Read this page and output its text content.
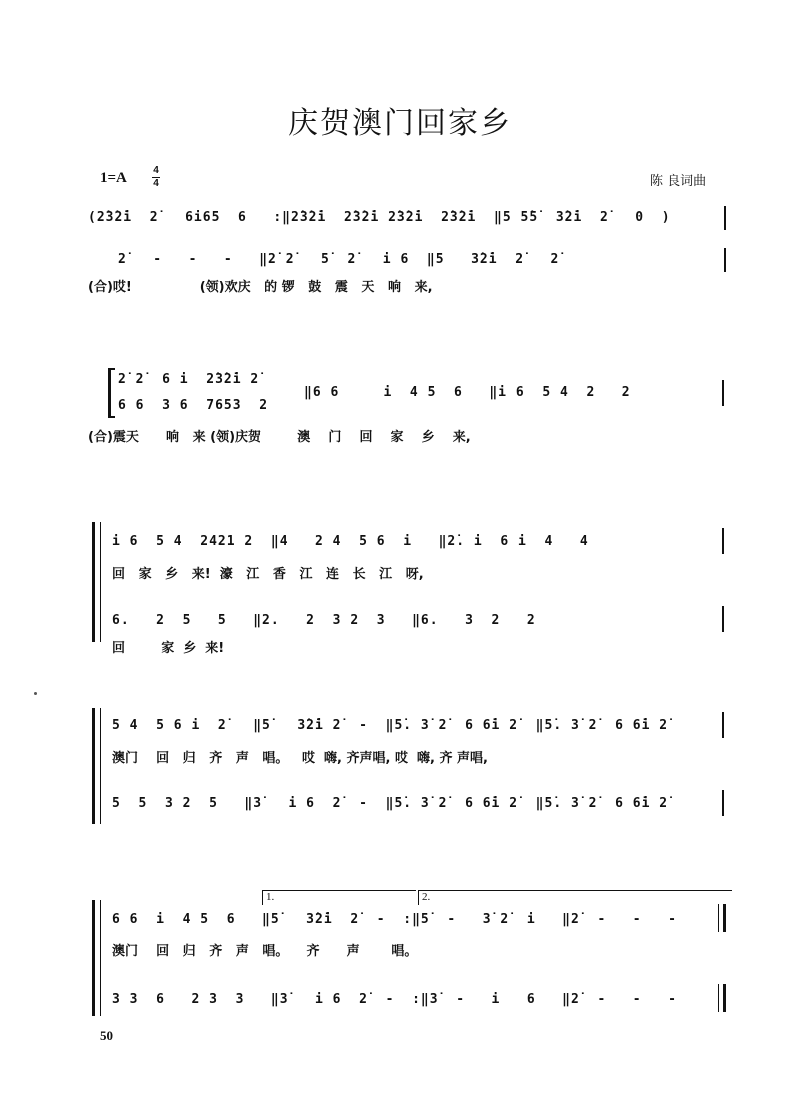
庆贺澳门回家乡
1=A	4
4	陈 良词曲
(2̇3̇2̇i  2̇   6i65  6   :‖2̇3̇2̇i  2̇3̇2̇i 2̇3̇2̇i  2̇3̇2̇i  ‖5 5̇5̇  3̇2̇i  2̇   0  )
2̇   -   -   -   ‖2̇ 2̇   5̇  2̇   i 6  ‖5   3̇2̇i  2̇   2̇
(合)哎!               (领)欢庆   的 锣   鼓   震   天   响   来,
2̇ 2̇  6 i  2̇3̇2̇i 2̇
6 6  3 6  7653  2
‖6 6     i  4 5  6   ‖i 6  5 4  2   2
(合)震天      响   来 (领)庆贺        澳    门    回    家    乡    来,
i 6  5 4  2421 2  ‖4   2 4  5 6  i   ‖2̇. i  6 i  4   4
回   家   乡   来!  濠   江   香   江   连   长   江   呀,
6.   2  5   5   ‖2.   2  3 2  3   ‖6.   3  2   2
回        家  乡  来!
5 4  5 6 i  2̇   ‖5̇   3̇2̇i 2̇  -  ‖5̇. 3̇ 2̇  6 6̇i 2̇  ‖5̇. 3̇ 2̇  6 6̇i 2̇
澳门    回   归   齐   声   唱。   哎  嗨, 齐声唱, 哎  嗨, 齐 声唱,
5  5  3 2  5   ‖3̇   i 6  2̇  -  ‖5̇. 3̇ 2̇  6 6̇i 2̇  ‖5̇. 3̇ 2̇  6 6̇i 2̇
1.	2.
6 6  i  4 5  6   ‖5̇   3̇2̇i  2̇  -  :‖5̇  -   3̇ 2̇  i   ‖2̇  -   -   -
澳门    回   归   齐   声   唱。    齐      声       唱。
3 3  6   2 3  3   ‖3̇   i 6  2̇  -  :‖3̇  -   i   6   ‖2̇  -   -   -
50
